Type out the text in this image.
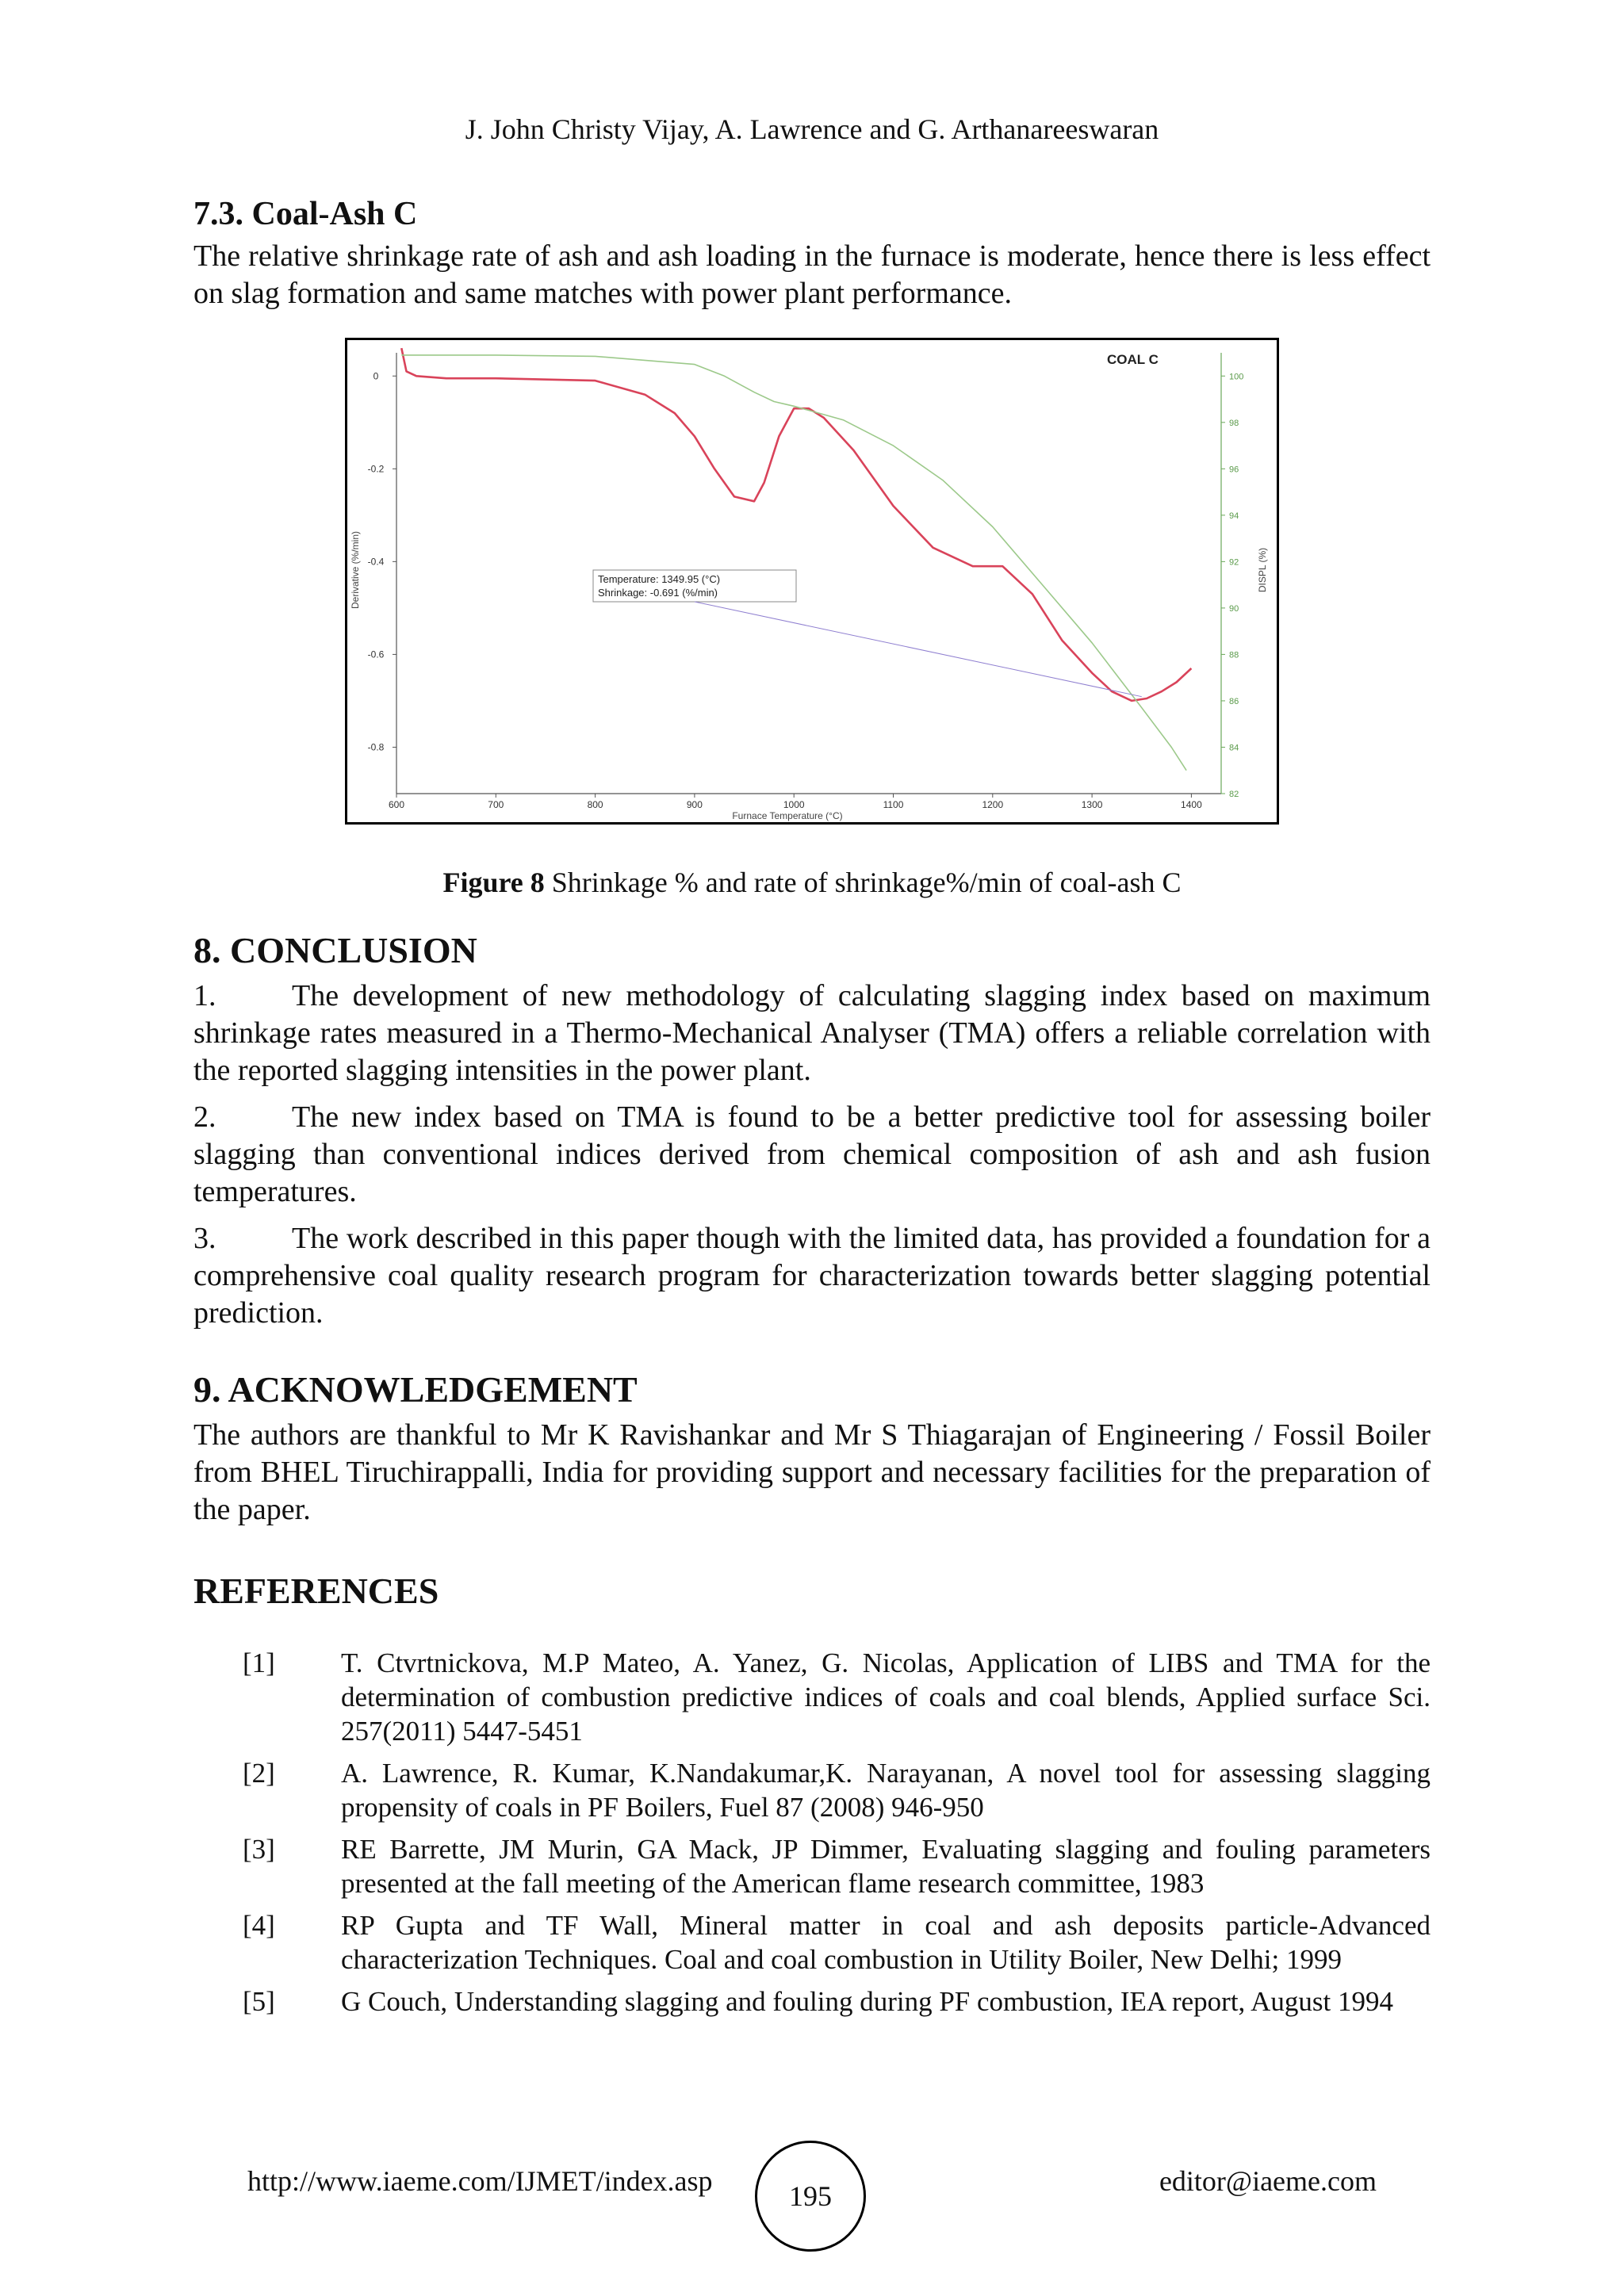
J. John Christy Vijay, A. Lawrence and G. Arthanareeswaran
7.3. Coal-Ash C

The relative shrinkage rate of ash and ash loading in the furnace is moderate, hence there is less effect on slag formation and same matches with power plant performance.

600	700	800	900	1000	1100	1200	1300	1400
0
-0.2
-0.4
-0.6
-0.8
100
98
96
94
92
90
88
86
84
82
Temperature: 1349.95 (°C)
Shrinkage: -0.691 (%/min)
COAL C
Furnace Temperature (°C)
Derivative (%/min)	DISPL (%)
Figure 8 Shrinkage % and rate of shrinkage%/min of coal-ash C
8. CONCLUSION

1.	The development of new methodology of calculating slagging index based on maximum shrinkage rates measured in a Thermo-Mechanical Analyser (TMA) offers a reliable correlation with the reported slagging intensities in the power plant.

2.	The new index based on TMA is found to be a better predictive tool for assessing boiler slagging than conventional indices derived from chemical composition of ash and ash fusion temperatures.

3.	The work described in this paper though with the limited data, has provided a foundation for a comprehensive coal quality research program for characterization towards better slagging potential prediction.

9. ACKNOWLEDGEMENT

The authors are thankful to Mr K Ravishankar and Mr S Thiagarajan of Engineering / Fossil Boiler from BHEL Tiruchirappalli, India for providing support and necessary facilities for the preparation of the paper.

REFERENCES
[1] T. Ctvrtnickova, M.P Mateo, A. Yanez, G. Nicolas, Application of LIBS and TMA for the determination of combustion predictive indices of coals and coal blends, Applied surface Sci. 257(2011) 5447-5451
[2] A. Lawrence, R. Kumar, K.Nandakumar,K. Narayanan, A novel tool for assessing slagging propensity of coals in PF Boilers, Fuel 87 (2008) 946-950
[3] RE Barrette, JM Murin, GA Mack, JP Dimmer, Evaluating slagging and fouling parameters presented at the fall meeting of the American flame research committee, 1983
[4] RP Gupta and TF Wall, Mineral matter in coal and ash deposits particle-Advanced characterization Techniques. Coal and coal combustion in Utility Boiler, New Delhi; 1999
[5] G Couch, Understanding slagging and fouling during PF combustion, IEA report, August 1994
http://www.iaeme.com/IJMET/index.asp	195	editor@iaeme.com
